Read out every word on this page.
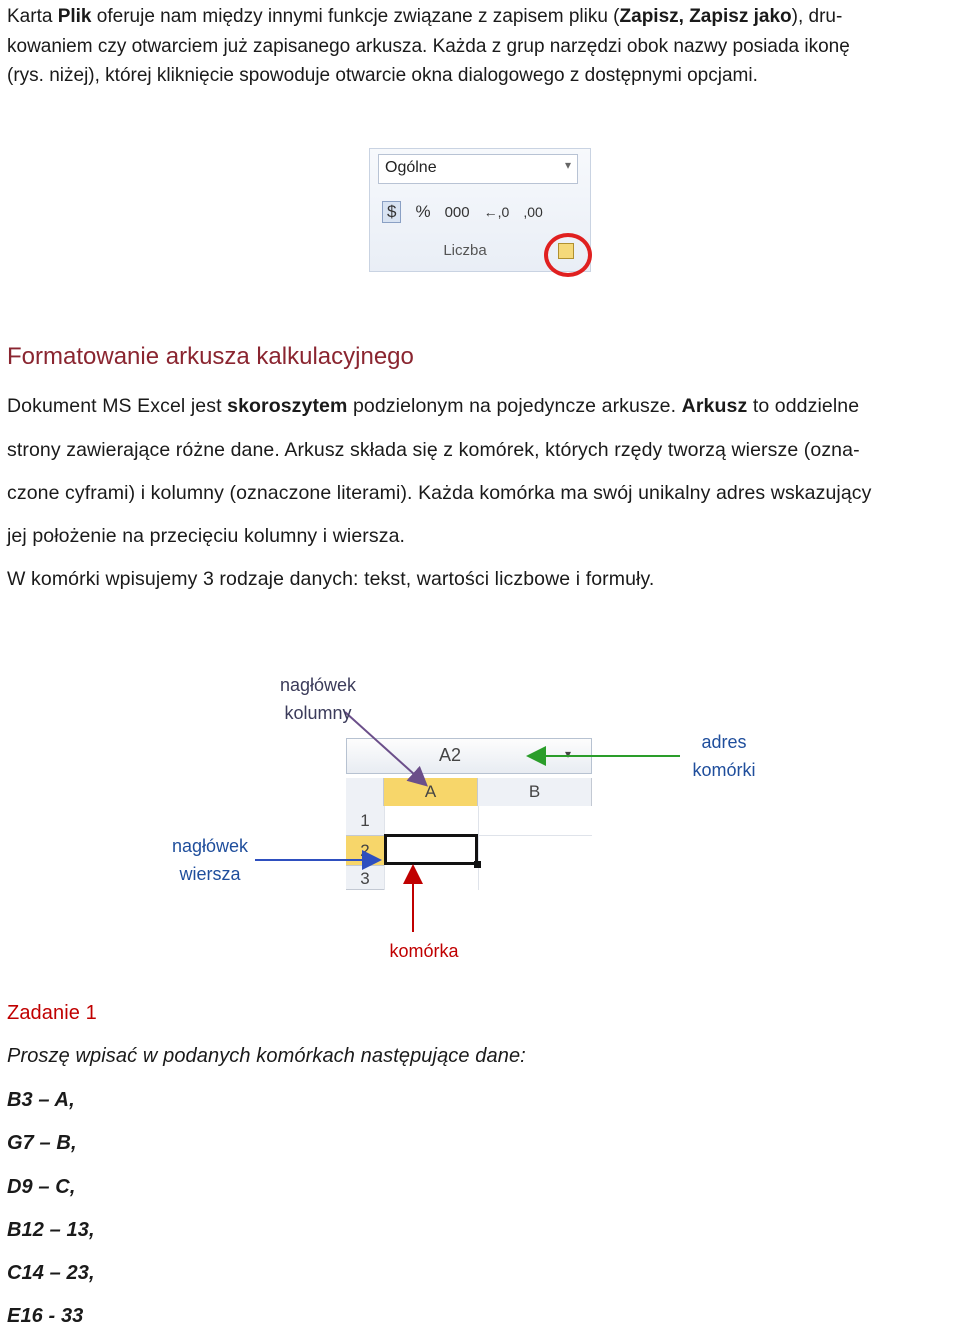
Karta Plik oferuje nam między innymi funkcje związane z zapisem pliku (Zapisz, Zapisz jako), dru-
kowaniem czy otwarciem już zapisanego arkusza. Każda z grup narzędzi obok nazwy posiada ikonę
(rys. niżej), której kliknięcie spowoduje otwarcie okna dialogowego z dostępnymi opcjami.
Ogólne	▾
$ % 000 ←,0 ,00
Liczba
Formatowanie arkusza kalkulacyjnego
Dokument MS Excel jest skoroszytem podzielonym na pojedyncze arkusze. Arkusz to oddzielne
strony zawierające różne dane. Arkusz składa się z komórek, których rzędy tworzą wiersze (ozna-
czone cyframi) i kolumny (oznaczone literami). Każda komórka ma swój unikalny adres wskazujący
jej położenie na przecięciu kolumny i wiersza.
W komórki wpisujemy 3 rodzaje danych: tekst, wartości liczbowe i formuły.
A2	▾
A	B
1
2
3
nagłówek
kolumny
adres
komórki
nagłówek
wiersza
komórka
Zadanie 1
Proszę wpisać w podanych komórkach następujące dane:
B3 – A,
G7 – B,
D9 – C,
B12 – 13,
C14 – 23,
E16 - 33
